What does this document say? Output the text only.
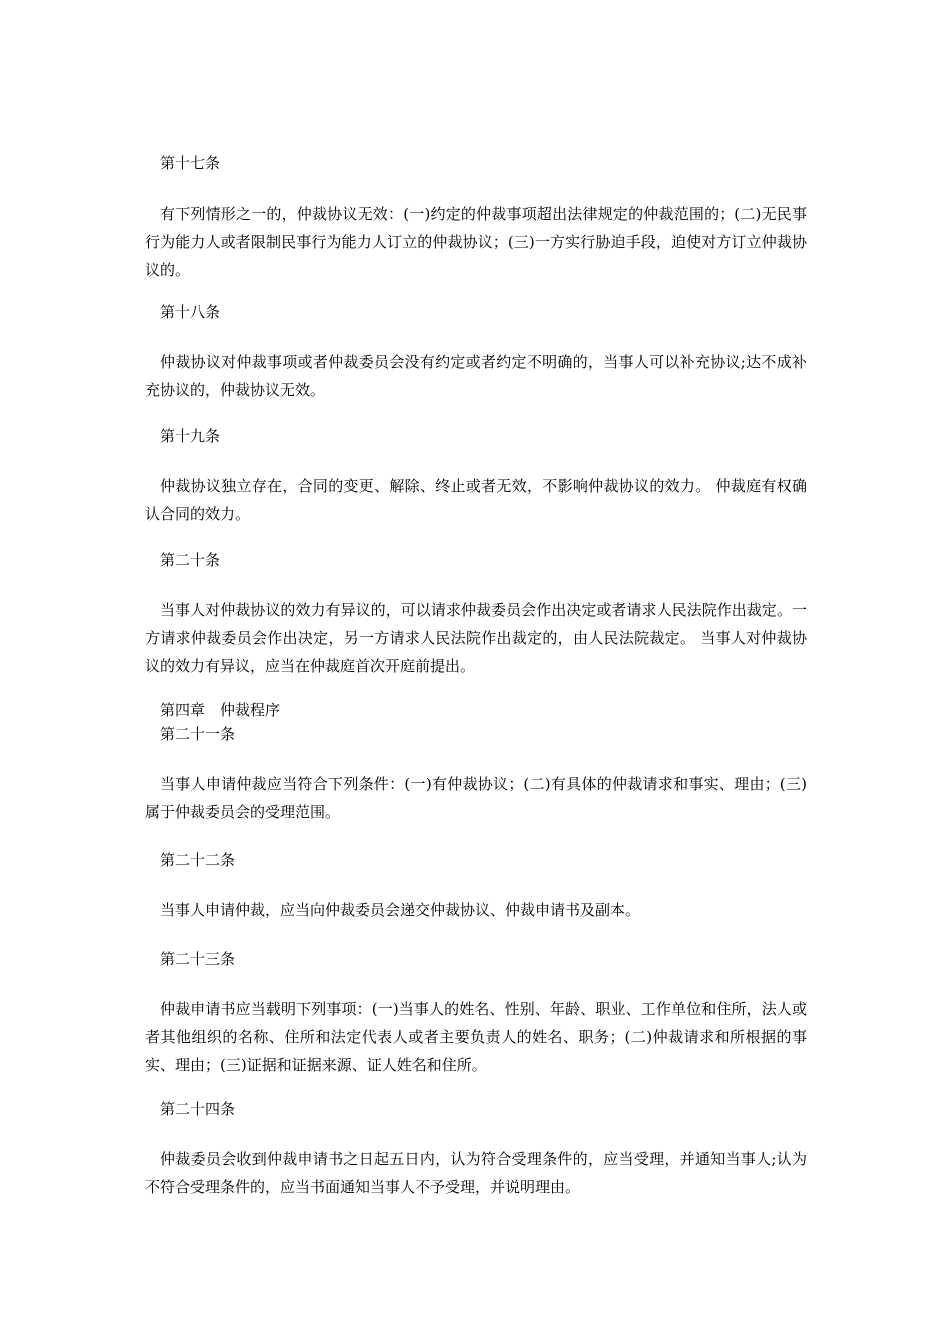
第十七条

有下列情形之一的，仲裁协议无效：(一)约定的仲裁事项超出法律规定的仲裁范围的；(二)无民事行为能力人或者限制民事行为能力人订立的仲裁协议；(三)一方实行胁迫手段，迫使对方订立仲裁协议的。

第十八条

仲裁协议对仲裁事项或者仲裁委员会没有约定或者约定不明确的，当事人可以补充协议;达不成补充协议的，仲裁协议无效。

第十九条

仲裁协议独立存在，合同的变更、解除、终止或者无效，不影响仲裁协议的效力。 仲裁庭有权确认合同的效力。

第二十条

当事人对仲裁协议的效力有异议的，可以请求仲裁委员会作出决定或者请求人民法院作出裁定。一方请求仲裁委员会作出决定，另一方请求人民法院作出裁定的，由人民法院裁定。 当事人对仲裁协议的效力有异议，应当在仲裁庭首次开庭前提出。

第四章　仲裁程序

第二十一条

当事人申请仲裁应当符合下列条件：(一)有仲裁协议；(二)有具体的仲裁请求和事实、理由；(三)属于仲裁委员会的受理范围。

第二十二条

当事人申请仲裁，应当向仲裁委员会递交仲裁协议、仲裁申请书及副本。

第二十三条

仲裁申请书应当载明下列事项：(一)当事人的姓名、性别、年龄、职业、工作单位和住所，法人或者其他组织的名称、住所和法定代表人或者主要负责人的姓名、职务；(二)仲裁请求和所根据的事实、理由；(三)证据和证据来源、证人姓名和住所。

第二十四条

仲裁委员会收到仲裁申请书之日起五日内，认为符合受理条件的，应当受理，并通知当事人;认为不符合受理条件的，应当书面通知当事人不予受理，并说明理由。
